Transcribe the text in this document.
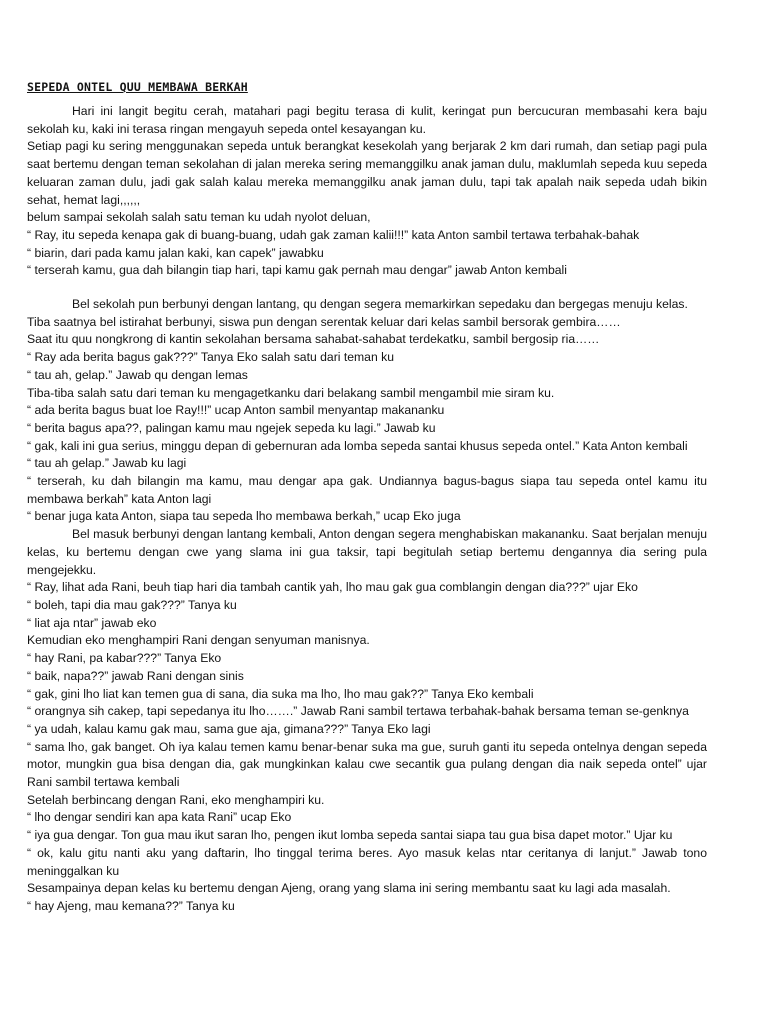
SEPEDA ONTEL QUU MEMBAWA BERKAH

Hari ini langit begitu cerah, matahari pagi begitu terasa di kulit, keringat pun bercucuran membasahi kera baju sekolah ku, kaki ini terasa ringan mengayuh sepeda ontel kesayangan ku.

Setiap pagi ku sering menggunakan sepeda untuk berangkat kesekolah yang berjarak 2 km dari rumah, dan setiap pagi pula saat bertemu dengan teman sekolahan di jalan mereka sering memanggilku anak jaman dulu, maklumlah sepeda kuu sepeda keluaran zaman dulu, jadi gak salah kalau mereka memanggilku anak jaman dulu, tapi tak apalah naik sepeda udah bikin sehat, hemat lagi,,,,,,

belum sampai sekolah salah satu teman ku udah nyolot deluan,

“ Ray, itu sepeda kenapa gak di buang-buang, udah gak zaman kalii!!!” kata Anton sambil tertawa terbahak-bahak

“ biarin, dari pada kamu jalan kaki, kan capek” jawabku

“ terserah kamu, gua dah bilangin tiap hari, tapi kamu gak pernah mau dengar” jawab Anton kembali

Bel sekolah pun berbunyi dengan lantang, qu dengan segera memarkirkan sepedaku dan bergegas menuju kelas.

Tiba saatnya bel istirahat berbunyi, siswa pun dengan serentak keluar dari kelas sambil bersorak gembira……

Saat itu quu nongkrong di kantin sekolahan bersama sahabat-sahabat terdekatku, sambil bergosip ria……

“ Ray ada berita bagus gak???” Tanya Eko salah satu dari teman ku

“ tau ah, gelap.” Jawab qu dengan lemas

Tiba-tiba salah satu dari teman ku mengagetkanku dari belakang sambil mengambil mie siram ku.

“ ada berita bagus buat loe Ray!!!” ucap Anton sambil menyantap makananku

“ berita bagus apa??, palingan kamu mau ngejek sepeda ku lagi.” Jawab ku

“ gak, kali ini gua serius, minggu depan di gebernuran ada lomba sepeda santai khusus sepeda ontel.” Kata Anton kembali

“ tau ah gelap.” Jawab ku lagi

“ terserah, ku dah bilangin ma kamu, mau dengar apa gak. Undiannya bagus-bagus siapa tau sepeda ontel kamu itu membawa berkah” kata Anton lagi

“ benar juga kata Anton, siapa tau sepeda lho membawa berkah,” ucap Eko juga

Bel masuk berbunyi dengan lantang kembali, Anton dengan segera menghabiskan makananku. Saat berjalan menuju kelas, ku bertemu dengan cwe yang slama ini gua taksir, tapi begitulah setiap bertemu dengannya dia sering pula mengejekku.

“ Ray, lihat ada Rani, beuh tiap hari dia tambah cantik yah, lho mau gak gua comblangin dengan dia???” ujar Eko

“ boleh, tapi dia mau gak???” Tanya ku

“ liat aja ntar” jawab eko

Kemudian eko menghampiri Rani dengan senyuman manisnya.

“ hay Rani, pa kabar???” Tanya Eko

“ baik, napa??” jawab Rani dengan sinis

“ gak, gini lho liat kan temen gua di sana, dia suka ma lho, lho mau gak??” Tanya Eko kembali

“ orangnya sih cakep, tapi sepedanya itu lho…….” Jawab Rani sambil tertawa terbahak-bahak bersama teman se-genknya

“ ya udah, kalau kamu gak mau, sama gue aja, gimana???” Tanya Eko lagi

“ sama lho, gak banget. Oh iya kalau temen kamu benar-benar suka ma gue, suruh ganti itu sepeda ontelnya dengan sepeda motor, mungkin gua bisa dengan dia, gak mungkinkan kalau cwe secantik gua pulang dengan dia naik sepeda ontel” ujar Rani sambil tertawa kembali

Setelah berbincang dengan Rani, eko menghampiri ku.

“ lho dengar sendiri kan apa kata Rani” ucap Eko

“ iya gua dengar. Ton gua mau ikut saran lho, pengen ikut lomba sepeda santai siapa tau gua bisa dapet motor.” Ujar ku

“ ok, kalu gitu nanti aku yang daftarin, lho tinggal terima beres. Ayo masuk kelas ntar ceritanya di lanjut.” Jawab tono meninggalkan ku

Sesampainya depan kelas ku bertemu dengan Ajeng, orang yang slama ini sering membantu saat ku lagi ada masalah.

“ hay Ajeng, mau kemana??” Tanya ku
